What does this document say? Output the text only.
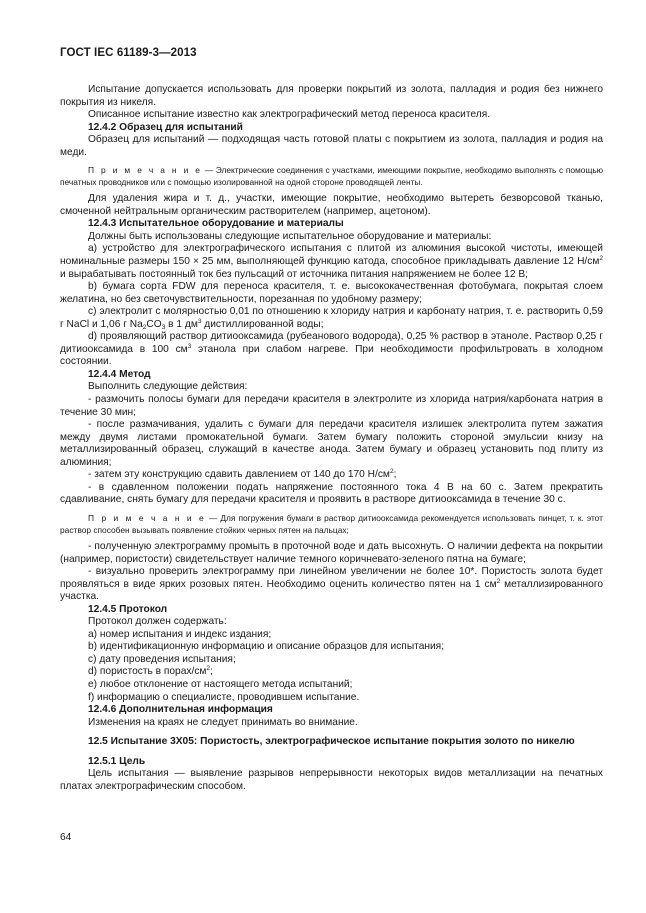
ГОСТ IEC 61189-3—2013

Испытание допускается использовать для проверки покрытий из золота, палладия и родия без нижнего покрытия из никеля.

Описанное испытание известно как электрографический метод переноса красителя.

12.4.2 Образец для испытаний

Образец для испытаний — подходящая часть готовой платы с покрытием из золота, палладия и родия на меди.

П р и м е ч а н и е — Электрические соединения с участками, имеющими покрытие, необходимо выполнять с помощью печатных проводников или с помощью изолированной на одной стороне проводящей ленты.

Для удаления жира и т. д., участки, имеющие покрытие, необходимо вытереть безворсовой тканью, смоченной нейтральным органическим растворителем (например, ацетоном).

12.4.3 Испытательное оборудование и материалы

Должны быть использованы следующие испытательное оборудование и материалы:

а) устройство для электрографического испытания с плитой из алюминия высокой чистоты, имеющей номинальные размеры 150 × 25 мм, выполняющей функцию катода, способное прикладывать давление 12 $Н/см^2$ и вырабатывать постоянный ток без пульсаций от источника питания напряжением не более 12 В;

b) бумага сорта FDW для переноса красителя, т. е. высококачественная фотобумага, покрытая слоем желатина, но без светочувствительности, порезанная по удобному размеру;

с) электролит с молярностью 0,01 по отношению к хлориду натрия и карбонату натрия, т. е. растворить 0,59 г NaCl и 1,06 г $Na_2CO_3$ в 1 $дм^3$ дистиллированной воды;

d) проявляющий раствор дитиооксамида (рубеанового водорода), 0,25 % раствор в этаноле. Раствор 0,25 г дитиооксамида в 100 $см^3$ этанола при слабом нагреве. При необходимости профильтровать в холодном состоянии.

12.4.4 Метод

Выполнить следующие действия:

- размочить полосы бумаги для передачи красителя в электролите из хлорида натрия/карбоната натрия в течение 30 мин;

- после размачивания, удалить с бумаги для передачи красителя излишек электролита путем зажатия между двумя листами промокательной бумаги. Затем бумагу положить стороной эмульсии книзу на металлизированный образец, служащий в качестве анода. Затем бумагу и образец установить под плиту из алюминия;

- затем эту конструкцию сдавить давлением от 140 до 170 $Н/см^2$;

- в сдавленном положении подать напряжение постоянного тока 4 В на 60 с. Затем прекратить сдавливание, снять бумагу для передачи красителя и проявить в растворе дитиооксамида в течение 30 с.

П р и м е ч а н и е — Для погружения бумаги в раствор дитиооксамида рекомендуется использовать пинцет, т. к. этот раствор способен вызывать появление стойких черных пятен на пальцах;

- полученную электрограмму промыть в проточной воде и дать высохнуть. О наличии дефекта на покрытии (например, пористости) свидетельствует наличие темного коричневато-зеленого пятна на бумаге;

- визуально проверить электрограмму при линейном увеличении не более 10*. Пористость золота будет проявляться в виде ярких розовых пятен. Необходимо оценить количество пятен на 1 $см^2$ металлизированного участка.

12.4.5 Протокол

Протокол должен содержать:

а) номер испытания и индекс издания;

b) идентификационную информацию и описание образцов для испытания;

с) дату проведения испытания;

d) пористость в порах/$см^2$;

е) любое отклонение от настоящего метода испытаний;

f) информацию о специалисте, проводившем испытание.

12.4.6 Дополнительная информация

Изменения на краях не следует принимать во внимание.

12.5 Испытание 3X05: Пористость, электрографическое испытание покрытия золото по никелю

12.5.1 Цель

Цель испытания — выявление разрывов непрерывности некоторых видов металлизации на печатных платах электрографическим способом.

64
